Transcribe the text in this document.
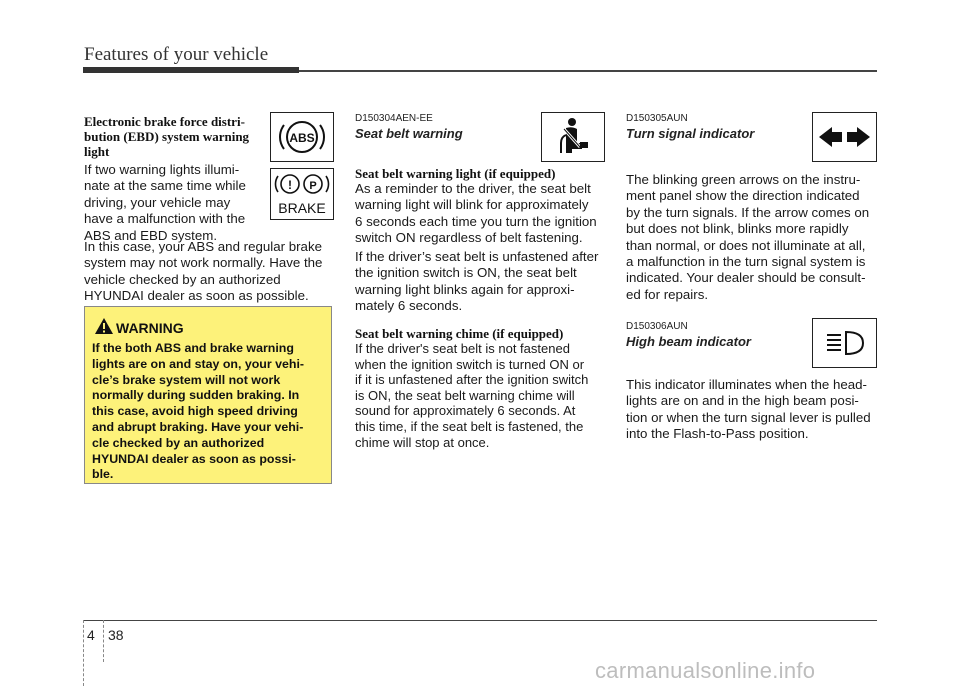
Features of your vehicle
Electronic brake force distri-
bution (EBD) system warning
light
If two warning lights illumi-
nate at the same time while
driving, your vehicle may
have a malfunction with the
ABS and EBD system.
In this case, your ABS and regular brake
system may not work normally. Have the
vehicle checked by an authorized
HYUNDAI dealer as soon as possible.
ABS
! P
BRAKE
WARNING
If the both ABS and brake warning
lights are on and stay on, your vehi-
cle’s brake system will not work
normally during sudden braking. In
this case, avoid high speed driving
and abrupt braking. Have your vehi-
cle checked by an authorized
HYUNDAI dealer as soon as possi-
ble.
D150304AEN-EE
Seat belt warning
Seat belt warning light (if equipped)
As a reminder to the driver, the seat belt
warning light will blink for approximately
6 seconds each time you turn the ignition
switch ON regardless of belt fastening.
If the driver’s seat belt is unfastened after
the ignition switch is ON, the seat belt
warning light blinks again for approxi-
mately 6 seconds.
Seat belt warning chime (if equipped)
If the driver's seat belt is not fastened
when the ignition switch is turned ON or
if it is unfastened after the ignition switch
is ON, the seat belt warning chime will
sound for approximately 6 seconds. At
this time, if the seat belt is fastened, the
chime will stop at once.
D150305AUN
Turn signal indicator
The blinking green arrows on the instru-
ment panel show the direction indicated
by the turn signals. If the arrow comes on
but does not blink, blinks more rapidly
than normal, or does not illuminate at all,
a malfunction in the turn signal system is
indicated. Your dealer should be consult-
ed for repairs.
D150306AUN
High beam indicator
This indicator illuminates when the head-
lights are on and in the high beam posi-
tion or when the turn signal lever is pulled
into the Flash-to-Pass position.
4 38
carmanualsonline.info
